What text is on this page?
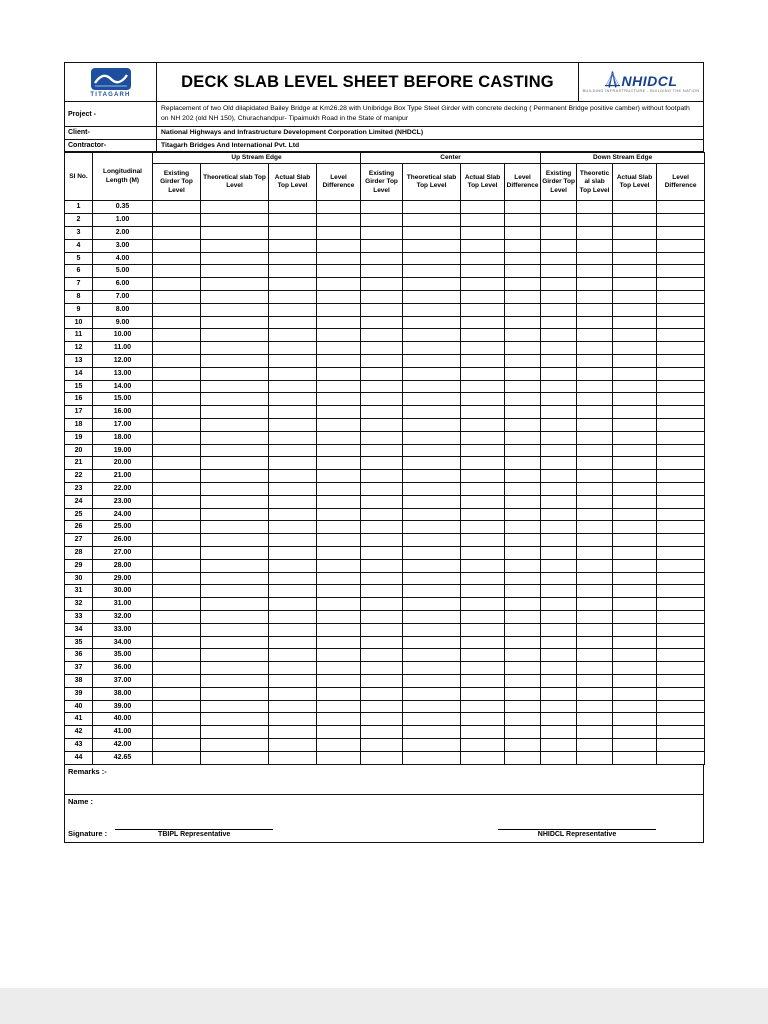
TITAGARH
DECK SLAB LEVEL SHEET BEFORE CASTING	NHIDCL
BUILDING INFRASTRUCTURE - BUILDING THE NATION
Project -
Replacement of two Old dilapidated Bailey Bridge at Km26.28 with Unibridge Box Type Steel Girder with concrete decking ( Permanent Bridge positive camber) without footpath on NH 202 (old NH 150), Churachandpur- Tipaimukh Road in the State of manipur
Client-	National Highways and Infrastructure Development Corporation Limited (NHDCL)
Contractor-	Titagarh Bridges And International Pvt. Ltd
SI No.	Longitudinal Length (M)	Up Stream Edge				Center				Down Stream Edge			
		Existing Girder Top Level	Theoretical slab Top Level	Actual Slab Top Level	Level Difference	Existing Girder Top Level	Theoretical slab Top Level	Actual Slab Top Level	Level Difference	Existing Girder Top Level	Theoretic al slab Top Level	Actual Slab Top Level	Level Difference
1	0.35												
2	1.00												
3	2.00												
4	3.00												
5	4.00												
6	5.00												
7	6.00												
8	7.00												
9	8.00												
10	9.00												
11	10.00												
12	11.00												
13	12.00												
14	13.00												
15	14.00												
16	15.00												
17	16.00												
18	17.00												
19	18.00												
20	19.00												
21	20.00												
22	21.00												
23	22.00												
24	23.00												
25	24.00												
26	25.00												
27	26.00												
28	27.00												
29	28.00												
30	29.00												
31	30.00												
32	31.00												
33	32.00												
34	33.00												
35	34.00												
36	35.00												
37	36.00												
38	37.00												
39	38.00												
40	39.00												
41	40.00												
42	41.00												
43	42.00												
44	42.65												
Remarks :-
Name :
Signature :	TBIPL Representative	NHIDCL Representative
